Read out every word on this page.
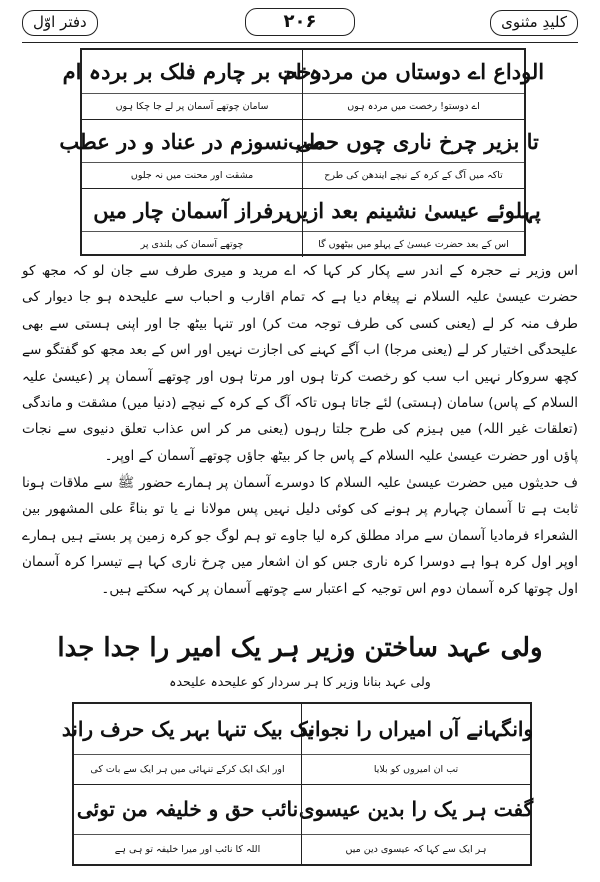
کلیدِ مثنوی
۲۰۶
دفتر اوّل
الوداع اے دوستاں من مردہ ام
اے دوستو! رخصت میں مردہ ہوں
رخت بر چارم فلک بر بردہ ام
سامان چوتھے آسمان پر لے جا چکا ہوں
تا بزیر چرخ ناری چوں حطب
تاکہ میں آگ کے کرہ کے نیچے ایندھن کی طرح
می نسوزم در عناد و در عطب
مشقت اور محنت میں نہ جلوں
پہلوئے عیسیٰ نشینم بعد ازیں
اس کے بعد حضرت عیسیٰ کے پہلو میں بیٹھوں گا
برفراز آسمان چار میں
چوتھے آسمان کی بلندی پر
اس وزیر نے حجرہ کے اندر سے پکار کر کہا کہ اے مرید و میری طرف سے جان لو کہ مجھ کو حضرت عیسیٰ علیہ السلام نے پیغام دیا ہے کہ تمام اقارب و احباب سے علیحدہ ہو جا دیوار کی طرف منہ کر لے (یعنی کسی کی طرف توجہ مت کر) اور تنہا بیٹھ جا اور اپنی ہستی سے بھی علیحدگی اختیار کر لے (یعنی مرجا) اب آگے کہنے کی اجازت نہیں اور اس کے بعد مجھ کو گفتگو سے کچھ سروکار نہیں اب سب کو رخصت کرتا ہوں اور مرتا ہوں اور چوتھے آسمان پر (عیسیٰ علیہ السلام کے پاس) سامان (ہستی) لئے جاتا ہوں تاکہ آگ کے کرہ کے نیچے (دنیا میں) مشقت و ماندگی (تعلقات غیر اللہ) میں ہیزم کی طرح جلتا رہوں (یعنی مر کر اس عذاب تعلق دنیوی سے نجات پاؤں اور حضرت عیسیٰ علیہ السلام کے پاس جا کر بیٹھ جاؤں چوتھے آسمان کے اوپر۔
ف حدیثوں میں حضرت عیسیٰ علیہ السلام کا دوسرے آسمان پر ہمارے حضور ﷺ سے ملاقات ہونا ثابت ہے تا آسمان چہارم پر ہونے کی کوئی دلیل نہیں پس مولانا نے یا تو بناءً علی المشھور بین الشعراء فرمادیا آسمان سے مراد مطلق کرہ لیا جاوے تو ہم لوگ جو کرہ زمین پر بستے ہیں ہمارے اوپر اول کرہ ہوا ہے دوسرا کرہ ناری جس کو ان اشعار میں چرخ ناری کہا ہے تیسرا کرہ آسمان اول چوتھا کرہ آسمان دوم اس توجیہ کے اعتبار سے چوتھے آسمان پر کہہ سکتے ہیں۔
ولی عہد ساختن وزیر ہر یک امیر را جدا جدا
ولی عہد بنانا وزیر کا ہر سردار کو علیحدہ علیحدہ
وانگہانے آں امیراں را نجواند
تب ان امیروں کو بلایا
یک بیک تنہا بہر یک حرف راند
اور ایک ایک کرکے تنہائی میں ہر ایک سے بات کی
گفت ہر یک را بدین عیسوی
ہر ایک سے کہا کہ عیسوی دین میں
نائب حق و خلیفہ من توئی
اللہ کا نائب اور میرا خلیفہ تو ہی ہے
